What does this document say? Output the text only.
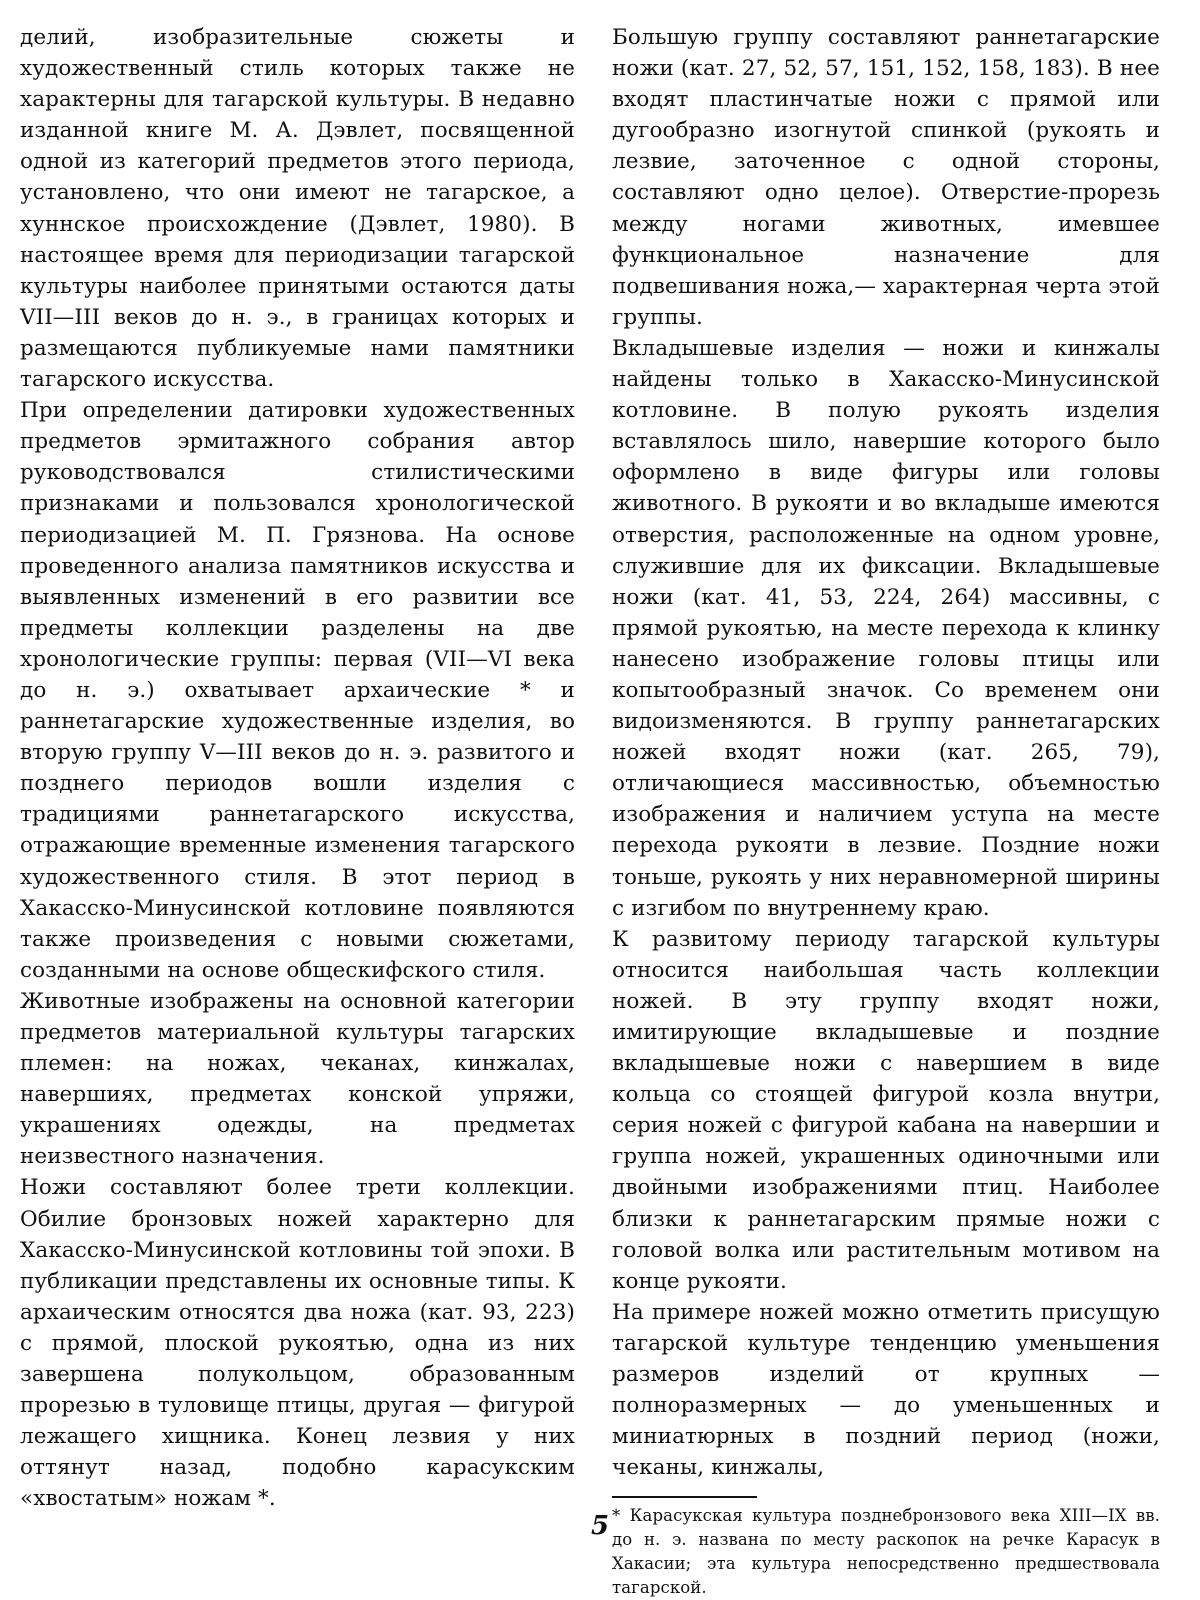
делий, изобразительные сюжеты и художественный стиль которых также не характерны для тагарской культуры. В недавно изданной книге М. А. Дэвлет, посвященной одной из категорий предметов этого периода, установлено, что они имеют не тагарское, а хуннское происхождение (Дэвлет, 1980). В настоящее время для периодизации тагарской культуры наиболее принятыми остаются даты VII—III веков до н. э., в границах которых и размещаются публикуемые нами памятники тагарского искусства.

При определении датировки художественных предметов эрмитажного собрания автор руководствовался стилистическими признаками и пользовался хронологической периодизацией М. П. Грязнова. На основе проведенного анализа памятников искусства и выявленных изменений в его развитии все предметы коллекции разделены на две хронологические группы: первая (VII—VI века до н. э.) охватывает архаические * и раннетагарские художественные изделия, во вторую группу V—III веков до н. э. развитого и позднего периодов вошли изделия с традициями раннетагарского искусства, отражающие временные изменения тагарского художественного стиля. В этот период в Хакасско-Минусинской котловине появляются также произведения с новыми сюжетами, созданными на основе общескифского стиля.

Животные изображены на основной категории предметов материальной культуры тагарских племен: на ножах, чеканах, кинжалах, навершиях, предметах конской упряжи, украшениях одежды, на предметах неизвестного назначения.

Ножи составляют более трети коллекции. Обилие бронзовых ножей характерно для Хакасско-Минусинской котловины той эпохи. В публикации представлены их основные типы. К архаическим относятся два ножа (кат. 93, 223) с прямой, плоской рукоятью, одна из них завершена полукольцом, образованным прорезью в туловище птицы, другая — фигурой лежащего хищника. Конец лезвия у них оттянут назад, подобно карасукским «хвостатым» ножам *.

Большую группу составляют раннетагарские ножи (кат. 27, 52, 57, 151, 152, 158, 183). В нее входят пластинчатые ножи с прямой или дугообразно изогнутой спинкой (рукоять и лезвие, заточенное с одной стороны, составляют одно целое). Отверстие-прорезь между ногами животных, имевшее функциональное назначение для подвешивания ножа,— характерная черта этой группы.

Вкладышевые изделия — ножи и кинжалы найдены только в Хакасско-Минусинской котловине. В полую рукоять изделия вставлялось шило, навершие которого было оформлено в виде фигуры или головы животного. В рукояти и во вкладыше имеются отверстия, расположенные на одном уровне, служившие для их фиксации. Вкладышевые ножи (кат. 41, 53, 224, 264) массивны, с прямой рукоятью, на месте перехода к клинку нанесено изображение головы птицы или копытообразный значок. Со временем они видоизменяются. В группу раннетагарских ножей входят ножи (кат. 265, 79), отличающиеся массивностью, объемностью изображения и наличием уступа на месте перехода рукояти в лезвие. Поздние ножи тоньше, рукоять у них неравномерной ширины с изгибом по внутреннему краю.

К развитому периоду тагарской культуры относится наибольшая часть коллекции ножей. В эту группу входят ножи, имитирующие вкладышевые и поздние вкладышевые ножи с навершием в виде кольца со стоящей фигурой козла внутри, серия ножей с фигурой кабана на навершии и группа ножей, украшенных одиночными или двойными изображениями птиц. Наиболее близки к раннетагарским прямые ножи с головой волка или растительным мотивом на конце рукояти.

На примере ножей можно отметить присущую тагарской культуре тенденцию уменьшения размеров изделий от крупных — полноразмерных — до уменьшенных и миниатюрных в поздний период (ножи, чеканы, кинжалы,

* Карасукская культура позднебронзового века XIII—IX вв. до н. э. названа по месту раскопок на речке Карасук в Хакасии; эта культура непосредственно предшествовала тагарской.

5
